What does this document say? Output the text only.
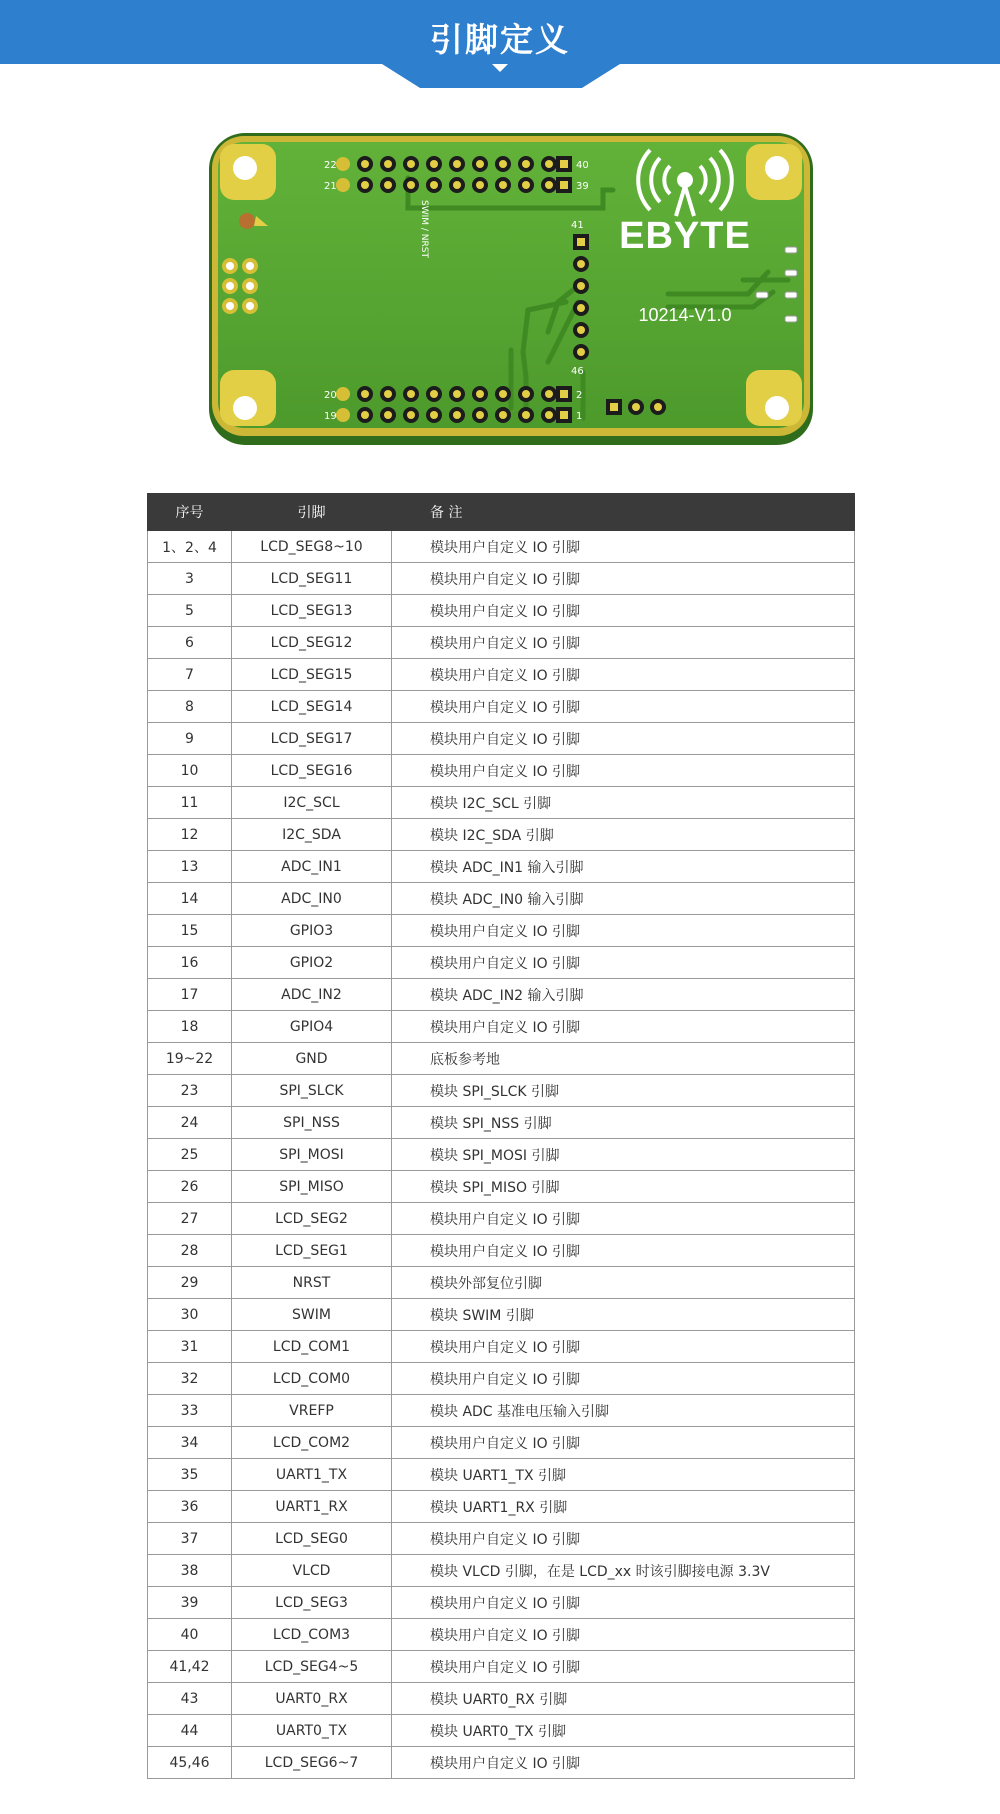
引脚定义
EBYTE
10214-V1.0
SWIM / NRST
22
21
40
39
41
46
20
19
2
1
序号	引脚	备 注
1、2、4	LCD_SEG8~10	模块用户自定义 IO 引脚
3	LCD_SEG11	模块用户自定义 IO 引脚
5	LCD_SEG13	模块用户自定义 IO 引脚
6	LCD_SEG12	模块用户自定义 IO 引脚
7	LCD_SEG15	模块用户自定义 IO 引脚
8	LCD_SEG14	模块用户自定义 IO 引脚
9	LCD_SEG17	模块用户自定义 IO 引脚
10	LCD_SEG16	模块用户自定义 IO 引脚
11	I2C_SCL	模块 I2C_SCL 引脚
12	I2C_SDA	模块 I2C_SDA 引脚
13	ADC_IN1	模块 ADC_IN1 输入引脚
14	ADC_IN0	模块 ADC_IN0 输入引脚
15	GPIO3	模块用户自定义 IO 引脚
16	GPIO2	模块用户自定义 IO 引脚
17	ADC_IN2	模块 ADC_IN2 输入引脚
18	GPIO4	模块用户自定义 IO 引脚
19~22	GND	底板参考地
23	SPI_SLCK	模块 SPI_SLCK 引脚
24	SPI_NSS	模块 SPI_NSS 引脚
25	SPI_MOSI	模块 SPI_MOSI 引脚
26	SPI_MISO	模块 SPI_MISO 引脚
27	LCD_SEG2	模块用户自定义 IO 引脚
28	LCD_SEG1	模块用户自定义 IO 引脚
29	NRST	模块外部复位引脚
30	SWIM	模块 SWIM 引脚
31	LCD_COM1	模块用户自定义 IO 引脚
32	LCD_COM0	模块用户自定义 IO 引脚
33	VREFP	模块 ADC 基准电压输入引脚
34	LCD_COM2	模块用户自定义 IO 引脚
35	UART1_TX	模块 UART1_TX 引脚
36	UART1_RX	模块 UART1_RX 引脚
37	LCD_SEG0	模块用户自定义 IO 引脚
38	VLCD	模块 VLCD 引脚，在是 LCD_xx 时该引脚接电源 3.3V
39	LCD_SEG3	模块用户自定义 IO 引脚
40	LCD_COM3	模块用户自定义 IO 引脚
41,42	LCD_SEG4~5	模块用户自定义 IO 引脚
43	UART0_RX	模块 UART0_RX 引脚
44	UART0_TX	模块 UART0_TX 引脚
45,46	LCD_SEG6~7	模块用户自定义 IO 引脚
